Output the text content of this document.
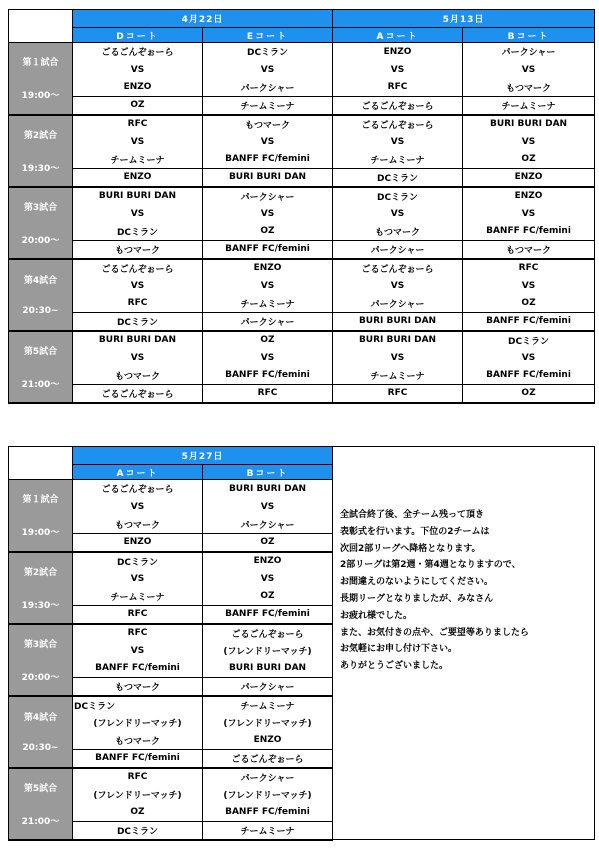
	4月22日		5月13日	
	Dコート	Eコート	Aコート	Bコート

第１試合
19:00～	ごるごんぞぉーら	DCミラン	ENZO	パークシャー
	VS	VS	VS	VS
	ENZO	パークシャー	RFC	もつマーク
	OZ	チームミーナ	ごるごんぞぉーら	チームミーナ

第2試合
19:30～	RFC	もつマーク	ごるごんぞぉーら	BURI BURI DAN
	VS	VS	VS	VS
	チームミーナ	BANFF FC/femini	チームミーナ	OZ
	ENZO	BURI BURI DAN	DCミラン	ENZO

第3試合
20:00～	BURI BURI DAN	パークシャー	DCミラン	ENZO
	VS	VS	VS	VS
	DCミラン	OZ	もつマーク	BANFF FC/femini
	もつマーク	BANFF FC/femini	パークシャー	もつマーク

第4試合
20:30~	ごるごんぞぉーら	ENZO	ごるごんぞぉーら	RFC
	VS	VS	VS	VS
	RFC	チームミーナ	パークシャー	OZ
	DCミラン	パークシャー	BURI BURI DAN	BANFF FC/femini

第5試合
21:00～	BURI BURI DAN	OZ	BURI BURI DAN	DCミラン
	VS	VS	VS	VS
	もつマーク	BANFF FC/femini	チームミーナ	BANFF FC/femini
	ごるごんぞぉーら	RFC	RFC	OZ
	5月27日		
	Aコート	Bコート	

第１試合
19:00～	ごるごんぞぉーら	BURI BURI DAN	
	VS	VS	
	もつマーク	パークシャー	
	ENZO	OZ	

第2試合
19:30～	DCミラン	ENZO	
	VS	VS	
	チームミーナ	OZ	
	RFC	BANFF FC/femini	

第3試合
20:00～	RFC	ごるごんぞぉーら	
	VS	(フレンドリーマッチ)	
	BANFF FC/femini	BURI BURI DAN	
	もつマーク	パークシャー	

第4試合
20:30~	DCミラン	チームミーナ	
	(フレンドリーマッチ)	(フレンドリーマッチ)	
	もつマーク	ENZO	
	BANFF FC/femini	ごるごんぞぉーら	

第5試合
21:00～	RFC	パークシャー	
	(フレンドリーマッチ)	(フレンドリーマッチ)	
	OZ	BANFF FC/femini	
	DCミラン	チームミーナ	
全試合終了後、全チーム残って頂き
表彰式を行います。下位の2チームは
次回2部リーグへ降格となります。
2部リーグは第2週・第4週となりますので、
お間違えのないようにしてください。
長期リーグとなりましたが、みなさん
お疲れ様でした。
また、お気付きの点や、ご要望等ありましたら
お気軽にお申し付け下さい。
ありがとうございました。
